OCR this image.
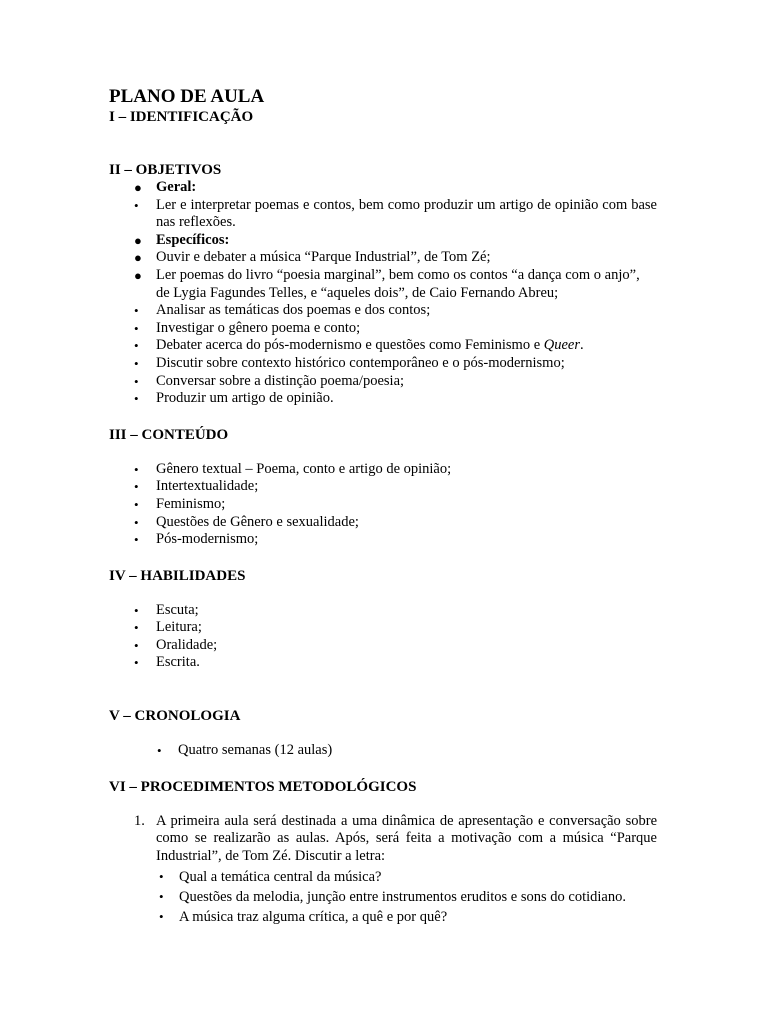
PLANO DE AULA
I – IDENTIFICAÇÃO
II – OBJETIVOS
● Geral:
• Ler e interpretar poemas e contos, bem como produzir um artigo de opinião com base nas reflexões.
● Específicos:
● Ouvir e debater a música “Parque Industrial”, de Tom Zé;
● Ler poemas do livro “poesia marginal”, bem como os contos “a dança com o anjo”, de Lygia Fagundes Telles, e “aqueles dois”, de Caio Fernando Abreu;
• Analisar as temáticas dos poemas e dos contos;
• Investigar o gênero poema e conto;
• Debater acerca do pós-modernismo e questões como Feminismo e Queer.
• Discutir sobre contexto histórico contemporâneo e o pós-modernismo;
• Conversar sobre a distinção poema/poesia;
• Produzir um artigo de opinião.
III – CONTEÚDO
• Gênero textual – Poema, conto e artigo de opinião;
• Intertextualidade;
• Feminismo;
• Questões de Gênero e sexualidade;
• Pós-modernismo;
IV – HABILIDADES
• Escuta;
• Leitura;
• Oralidade;
• Escrita.
V – CRONOLOGIA
• Quatro semanas (12 aulas)
VI – PROCEDIMENTOS METODOLÓGICOS
1. A primeira aula será destinada a uma dinâmica de apresentação e conversação sobre como se realizarão as aulas. Após, será feita a motivação com a música “Parque Industrial”, de Tom Zé. Discutir a letra:
• Qual a temática central da música?
• Questões da melodia, junção entre instrumentos eruditos e sons do cotidiano.
• A música traz alguma crítica, a quê e por quê?
